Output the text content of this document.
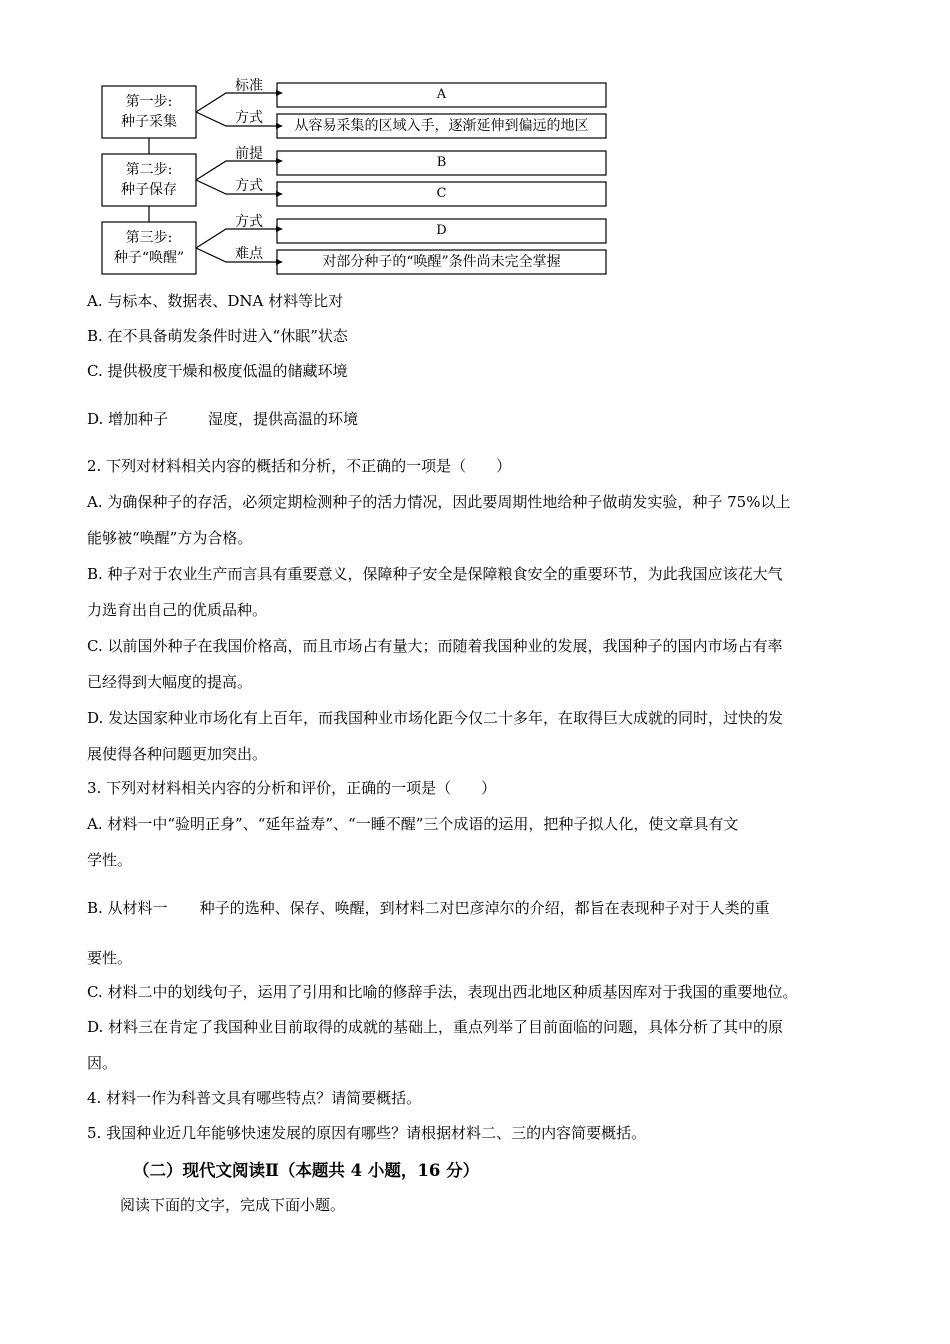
第一步:
种子采集
第二步:
种子保存
第三步:
种子“唤醒”
标准
方式
前提
方式
方式
难点
A
从容易采集的区域入手，逐渐延伸到偏远的地区
B
C
D
对部分种子的“唤醒”条件尚未完全掌握
A. 与标本、数据表、DNA 材料等比对
B. 在不具备萌发条件时进入“休眠”状态
C. 提供极度干燥和极度低温的储藏环境
D. 增加种子	湿度，提供高温的环境
2. 下列对材料相关内容的概括和分析，不正确的一项是（　　）
A. 为确保种子的存活，必须定期检测种子的活力情况，因此要周期性地给种子做萌发实验，种子 75%以上
能够被“唤醒”方为合格。
B. 种子对于农业生产而言具有重要意义，保障种子安全是保障粮食安全的重要环节，为此我国应该花大气
力选育出自己的优质品种。
C. 以前国外种子在我国价格高，而且市场占有量大；而随着我国种业的发展，我国种子的国内市场占有率
已经得到大幅度的提高。
D. 发达国家种业市场化有上百年，而我国种业市场化距今仅二十多年，在取得巨大成就的同时，过快的发
展使得各种问题更加突出。
3. 下列对材料相关内容的分析和评价，正确的一项是（　　）
A. 材料一中“验明正身”、“延年益寿”、“一睡不醒”三个成语的运用，把种子拟人化，使文章具有文
学性。
B. 从材料一 种子的选种、保存、唤醒，到材料二对巴彦淖尔的介绍，都旨在表现种子对于人类的重
要性。
C. 材料二中的划线句子，运用了引用和比喻的修辞手法，表现出西北地区种质基因库对于我国的重要地位。
D. 材料三在肯定了我国种业目前取得的成就的基础上，重点列举了目前面临的问题，具体分析了其中的原
因。
4. 材料一作为科普文具有哪些特点？请简要概括。
5. 我国种业近几年能够快速发展的原因有哪些？请根据材料二、三的内容简要概括。
（二）现代文阅读Ⅱ（本题共 4 小题，16 分）
阅读下面的文字，完成下面小题。
